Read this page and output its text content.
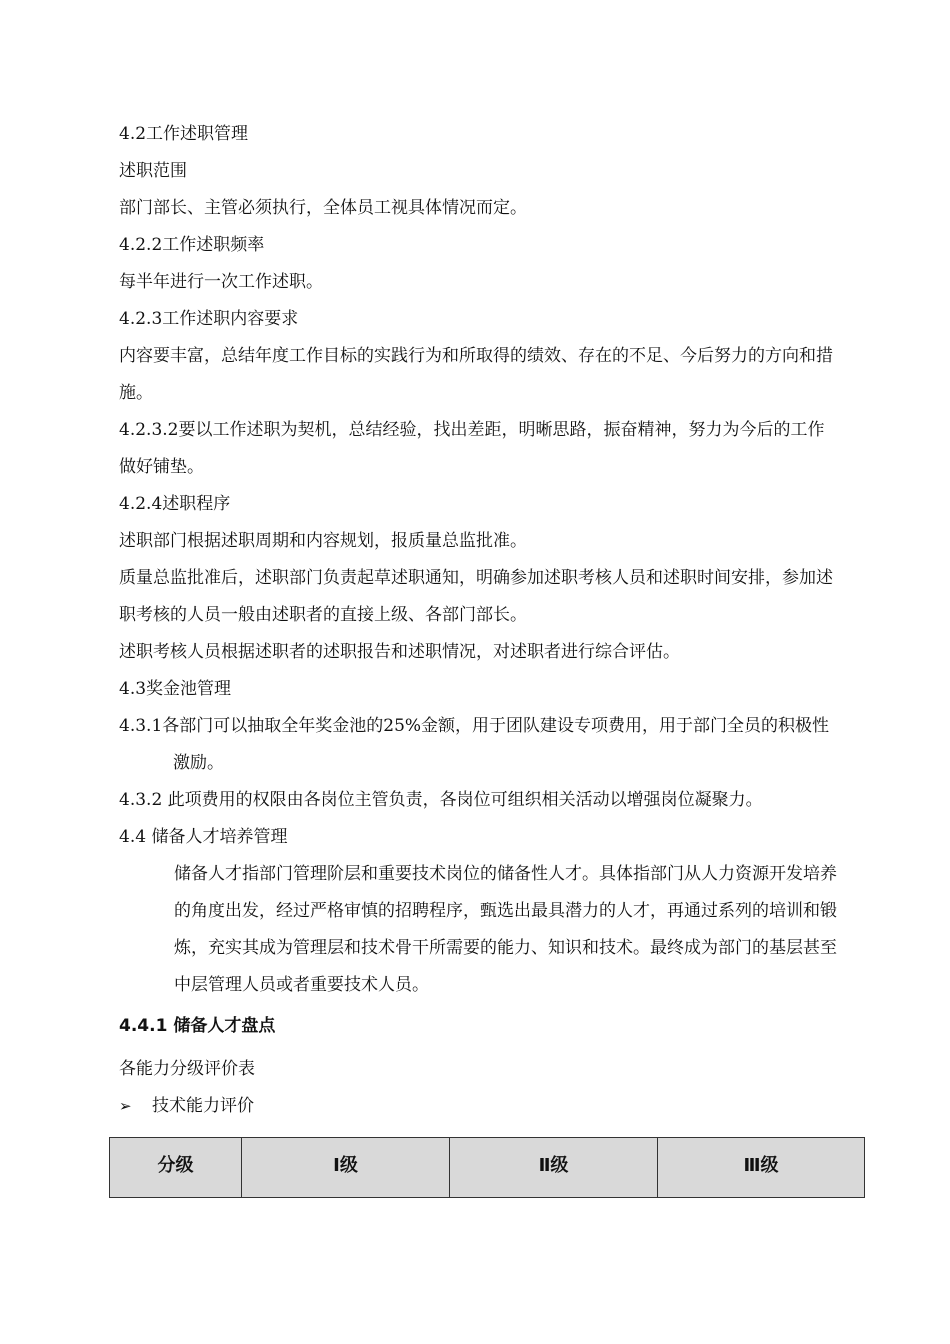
4.2工作述职管理

述职范围

部门部长、主管必须执行，全体员工视具体情况而定。

4.2.2工作述职频率

每半年进行一次工作述职。

4.2.3工作述职内容要求

内容要丰富，总结年度工作目标的实践行为和所取得的绩效、存在的不足、今后努力的方向和措施。

4.2.3.2要以工作述职为契机，总结经验，找出差距，明晰思路，振奋精神，努力为今后的工作做好铺垫。

4.2.4述职程序

述职部门根据述职周期和内容规划，报质量总监批准。

质量总监批准后，述职部门负责起草述职通知，明确参加述职考核人员和述职时间安排，参加述职考核的人员一般由述职者的直接上级、各部门部长。

述职考核人员根据述职者的述职报告和述职情况，对述职者进行综合评估。

4.3奖金池管理

4.3.1各部门可以抽取全年奖金池的25%金额，用于团队建设专项费用，用于部门全员的积极性激励。

4.3.2 此项费用的权限由各岗位主管负责，各岗位可组织相关活动以增强岗位凝聚力。

4.4 储备人才培养管理

储备人才指部门管理阶层和重要技术岗位的储备性人才。具体指部门从人力资源开发培养的角度出发，经过严格审慎的招聘程序，甄选出最具潜力的人才，再通过系列的培训和锻炼，充实其成为管理层和技术骨干所需要的能力、知识和技术。最终成为部门的基层甚至中层管理人员或者重要技术人员。

4.4.1 储备人才盘点

各能力分级评价表

➢	技术能力评价
分级	Ⅰ级	Ⅱ级	Ⅲ级
